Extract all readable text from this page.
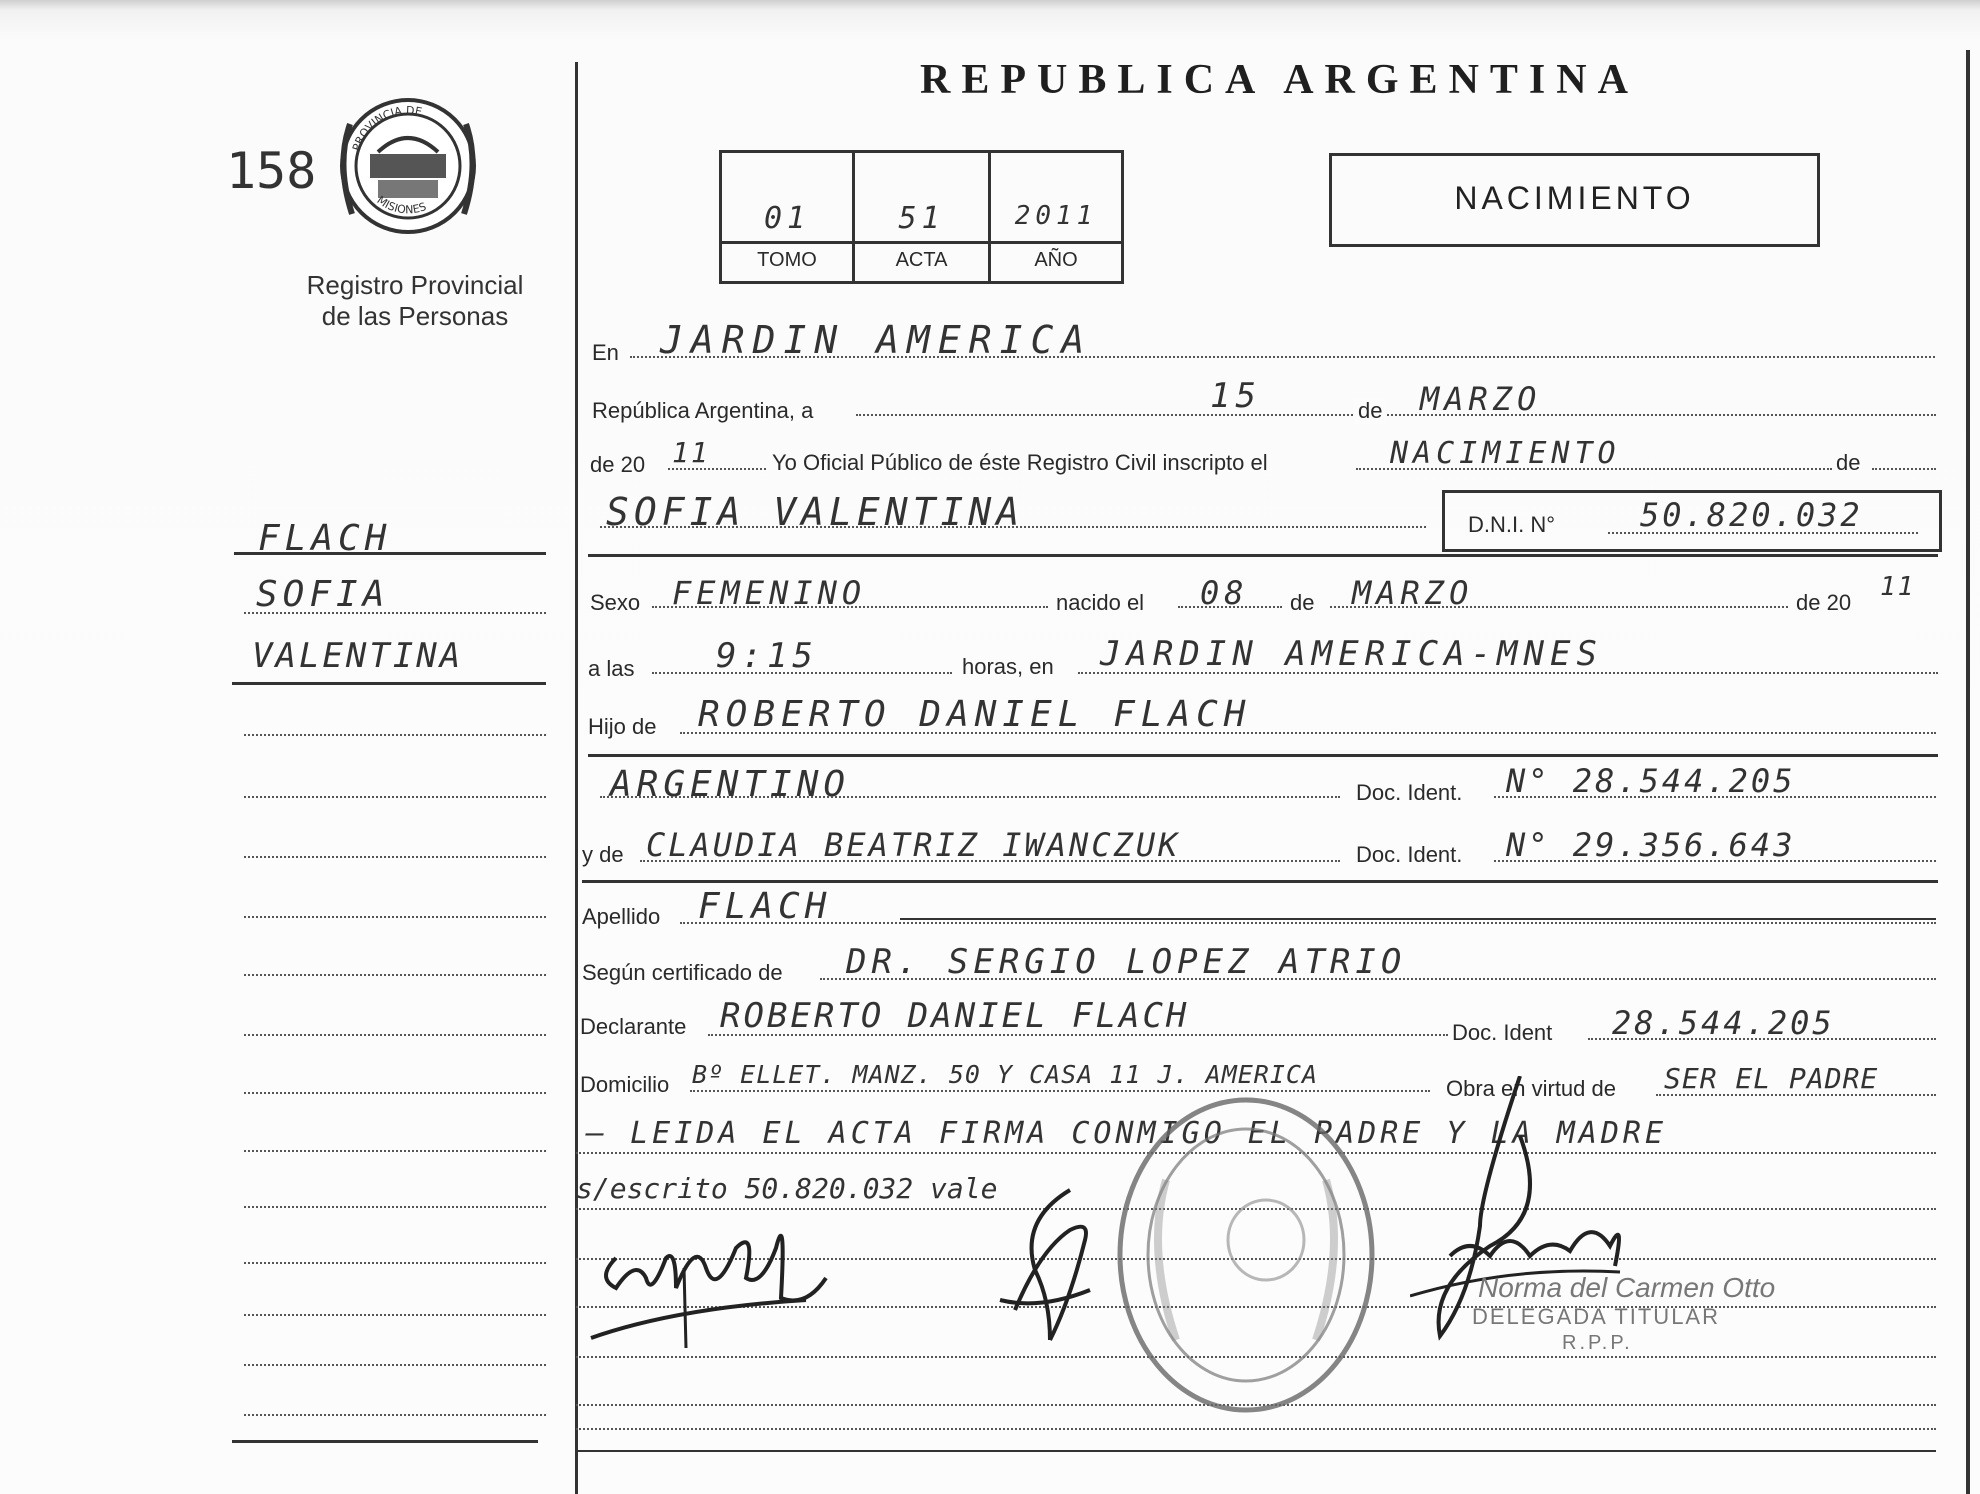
REPUBLICA ARGENTINA
158	PROVINCIA DE
MISIONES
Registro Provincial
de las Personas
01	51	2011
TOMO	ACTA	AÑO
NACIMIENTO
FLACH
SOFIA
VALENTINA
En JARDIN AMERICA
República Argentina, a	15	de MARZO
de 20 11	Yo Oficial Público de éste Registro Civil inscripto el	NACIMIENTO	de
SOFIA VALENTINA	D.N.I. N°	50.820.032
Sexo FEMENINO	nacido el 08 de MARZO	de 20
11
a las 9:15	horas, en JARDIN AMERICA-MNES
Hijo de ROBERTO DANIEL FLACH
ARGENTINO	Doc. Ident. N° 28.544.205
y de CLAUDIA BEATRIZ IWANCZUK	Doc. Ident. N° 29.356.643
Apellido FLACH
Según certificado de DR. SERGIO LOPEZ ATRIO
Declarante ROBERTO DANIEL FLACH	Doc. Ident 28.544.205
Domicilio Bº ELLET. MANZ. 50 Y CASA 11 J. AMERICA	Obra en virtud de SER EL PADRE
— LEIDA EL ACTA FIRMA CONMIGO EL PADRE Y LA MADRE
s/escrito 50.820.032 vale
Norma del Carmen Otto
DELEGADA TITULAR
R.P.P.
